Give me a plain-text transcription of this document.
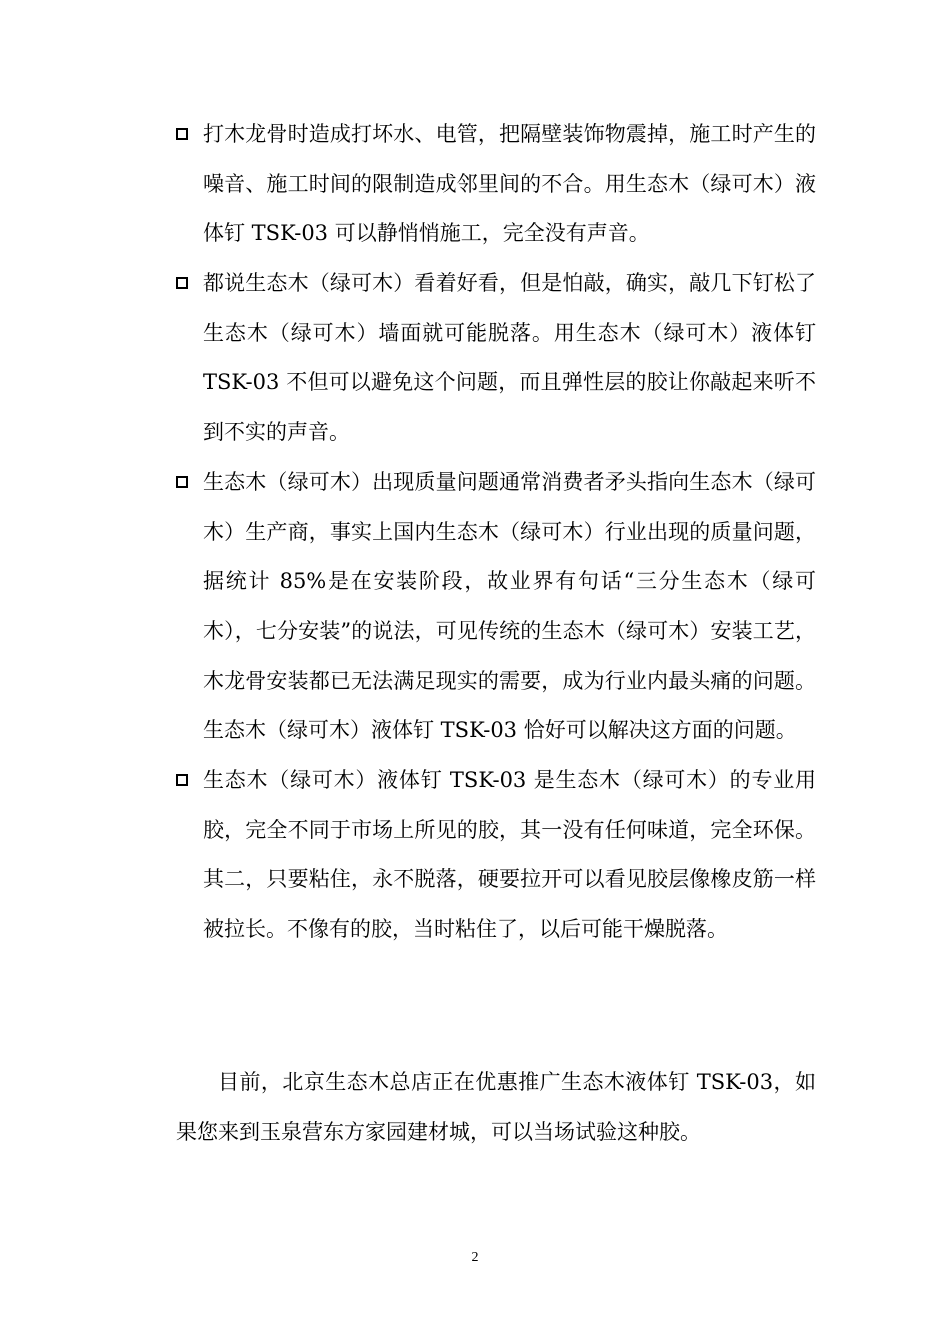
打木龙骨时造成打坏水、电管，把隔壁装饰物震掉，施工时产生的噪音、施工时间的限制造成邻里间的不合。用生态木（绿可木）液体钉 TSK-03 可以静悄悄施工，完全没有声音。
都说生态木（绿可木）看着好看，但是怕敲，确实，敲几下钉松了生态木（绿可木）墙面就可能脱落。用生态木（绿可木）液体钉 TSK-03 不但可以避免这个问题，而且弹性层的胶让你敲起来听不到不实的声音。
生态木（绿可木）出现质量问题通常消费者矛头指向生态木（绿可木）生产商，事实上国内生态木（绿可木）行业出现的质量问题，据统计 85%是在安装阶段，故业界有句话“三分生态木（绿可木），七分安装”的说法，可见传统的生态木（绿可木）安装工艺，木龙骨安装都已无法满足现实的需要，成为行业内最头痛的问题。生态木（绿可木）液体钉 TSK-03 恰好可以解决这方面的问题。
生态木（绿可木）液体钉 TSK-03 是生态木（绿可木）的专业用胶，完全不同于市场上所见的胶，其一没有任何味道，完全环保。其二，只要粘住，永不脱落，硬要拉开可以看见胶层像橡皮筋一样被拉长。不像有的胶，当时粘住了，以后可能干燥脱落。

目前，北京生态木总店正在优惠推广生态木液体钉 TSK-03，如果您来到玉泉营东方家园建材城，可以当场试验这种胶。

2
